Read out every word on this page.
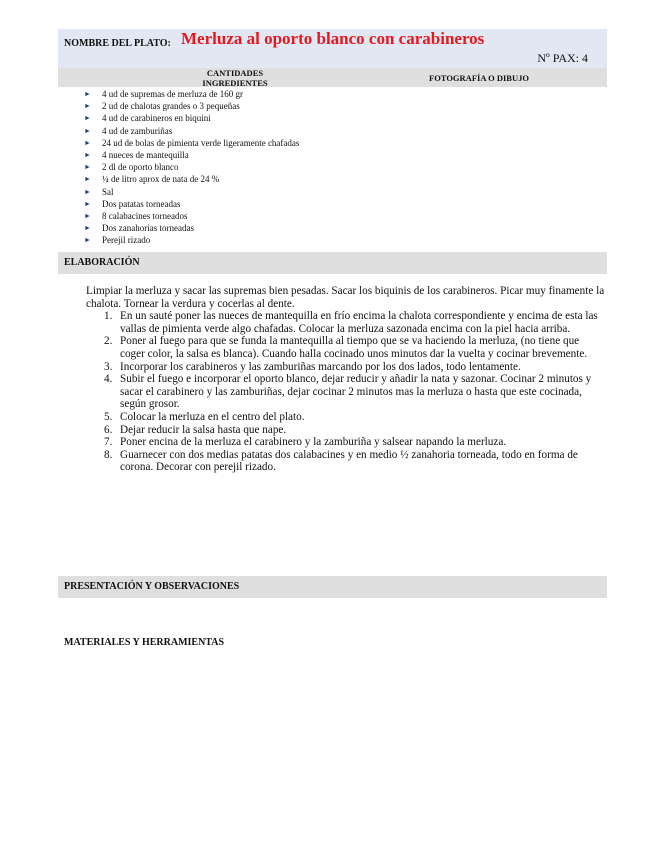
NOMBRE DEL PLATO: Merluza al oporto blanco con carabineros
Nº PAX: 4
CANTIDADES
INGREDIENTES	FOTOGRAFÍA O DIBUJO
► 4 ud de supremas de merluza de 160 gr
► 2 ud de chalotas grandes o 3 pequeñas
► 4 ud de carabineros en biquini
► 4 ud de zamburiñas
► 24 ud de bolas de pimienta verde ligeramente chafadas
► 4 nueces de mantequilla
► 2 dl de oporto blanco
► ¼ de litro aprox de nata de 24 %
► Sal
► Dos patatas torneadas
► 8 calabacines torneados
► Dos zanahorias torneadas
► Perejil rizado
ELABORACIÓN

Limpiar la merluza y sacar las supremas bien pesadas. Sacar los biquinis de los carabineros. Picar muy finamente la chalota. Tornear la verdura y cocerlas al dente.

1. En un sauté poner las nueces de mantequilla en frío encima la chalota correspondiente y encima de esta las vallas de pimienta verde algo chafadas. Colocar la merluza sazonada encima con la piel hacia arriba.
2. Poner al fuego para que se funda la mantequilla al tiempo que se va haciendo la merluza, (no tiene que coger color, la salsa es blanca). Cuando halla cocinado unos minutos dar la vuelta y cocinar brevemente.
3. Incorporar los carabineros y las zamburiñas marcando por los dos lados, todo lentamente.
4. Subir el fuego e incorporar el oporto blanco, dejar reducir y añadir la nata y sazonar. Cocinar 2 minutos y sacar el carabinero y las zamburiñas, dejar cocinar 2 minutos mas la merluza o hasta que este cocinada, según grosor.
5. Colocar la merluza en el centro del plato.
6. Dejar reducir la salsa hasta que nape.
7. Poner encina de la merluza el carabinero y la zamburiña y salsear napando la merluza.
8. Guarnecer con dos medias patatas dos calabacines y en medio ½ zanahoria torneada, todo en forma de corona. Decorar con perejil rizado.
PRESENTACIÓN Y OBSERVACIONES
MATERIALES Y HERRAMIENTAS
